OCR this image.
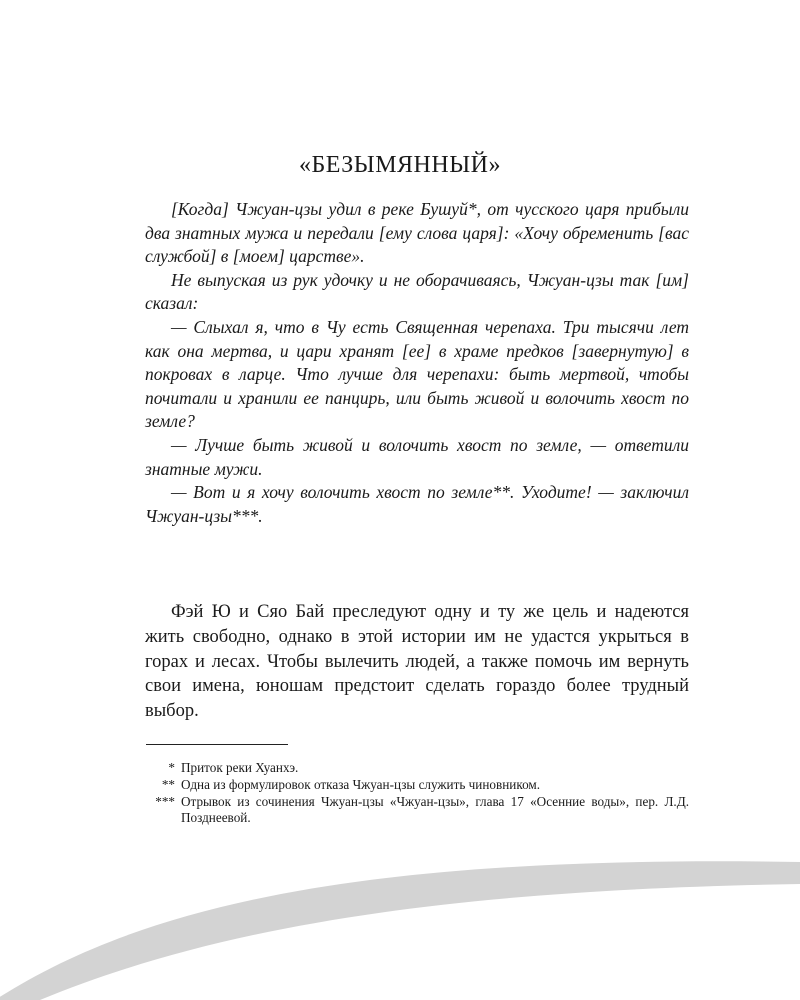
«БЕЗЫМЯННЫЙ»

[Когда] Чжуан-цзы удил в реке Бушуй*, от чусского царя прибыли два знатных мужа и передали [ему слова царя]: «Хочу обременить [вас службой] в [моем] царстве».

Не выпуская из рук удочку и не оборачиваясь, Чжуан-цзы так [им] сказал:

— Слыхал я, что в Чу есть Священная черепаха. Три тысячи лет как она мертва, и цари хранят [ее] в храме предков [завернутую] в покровах в ларце. Что лучше для черепахи: быть мертвой, чтобы почитали и хранили ее панцирь, или быть живой и волочить хвост по земле?

— Лучше быть живой и волочить хвост по земле, — ответили знатные мужи.

— Вот и я хочу волочить хвост по земле**. Уходите! — заключил Чжуан-цзы***.

Фэй Ю и Сяо Бай преследуют одну и ту же цель и надеются жить свободно, однако в этой истории им не удастся укрыться в горах и лесах. Чтобы вылечить людей, а также помочь им вернуть свои имена, юношам предстоит сделать гораздо более трудный выбор.

* Приток реки Хуанхэ.
** Одна из формулировок отказа Чжуан-цзы служить чиновником.
*** Отрывок из сочинения Чжуан-цзы «Чжуан-цзы», глава 17 «Осенние воды», пер. Л.Д. Позднеевой.
